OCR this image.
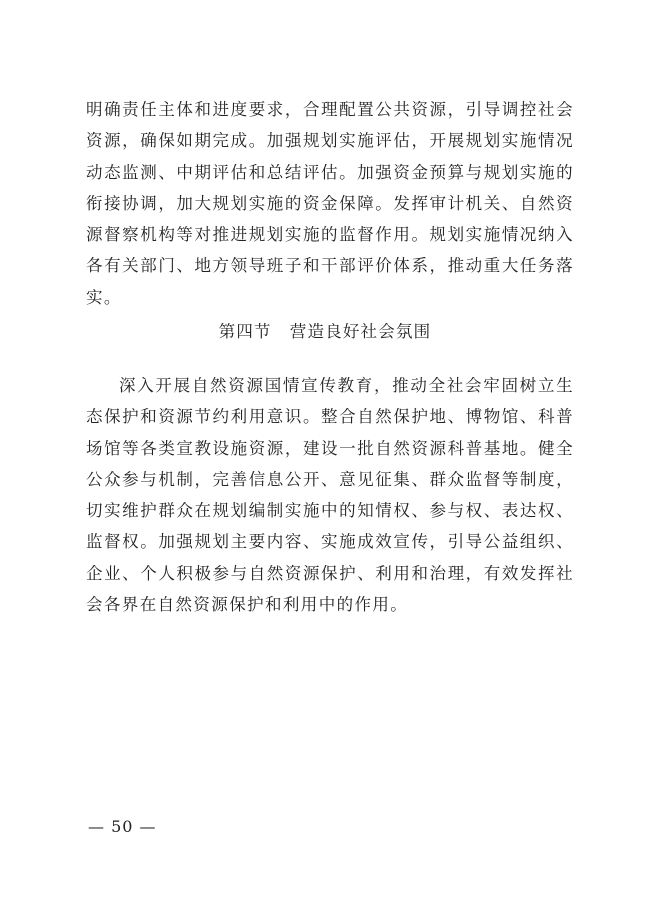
明确责任主体和进度要求，合理配置公共资源，引导调控社会资源，确保如期完成。加强规划实施评估，开展规划实施情况动态监测、中期评估和总结评估。加强资金预算与规划实施的衔接协调，加大规划实施的资金保障。发挥审计机关、自然资源督察机构等对推进规划实施的监督作用。规划实施情况纳入各有关部门、地方领导班子和干部评价体系，推动重大任务落实。

第四节 营造良好社会氛围

深入开展自然资源国情宣传教育，推动全社会牢固树立生态保护和资源节约利用意识。整合自然保护地、博物馆、科普场馆等各类宣教设施资源，建设一批自然资源科普基地。健全公众参与机制，完善信息公开、意见征集、群众监督等制度，切实维护群众在规划编制实施中的知情权、参与权、表达权、监督权。加强规划主要内容、实施成效宣传，引导公益组织、企业、个人积极参与自然资源保护、利用和治理，有效发挥社会各界在自然资源保护和利用中的作用。

— 50 —
